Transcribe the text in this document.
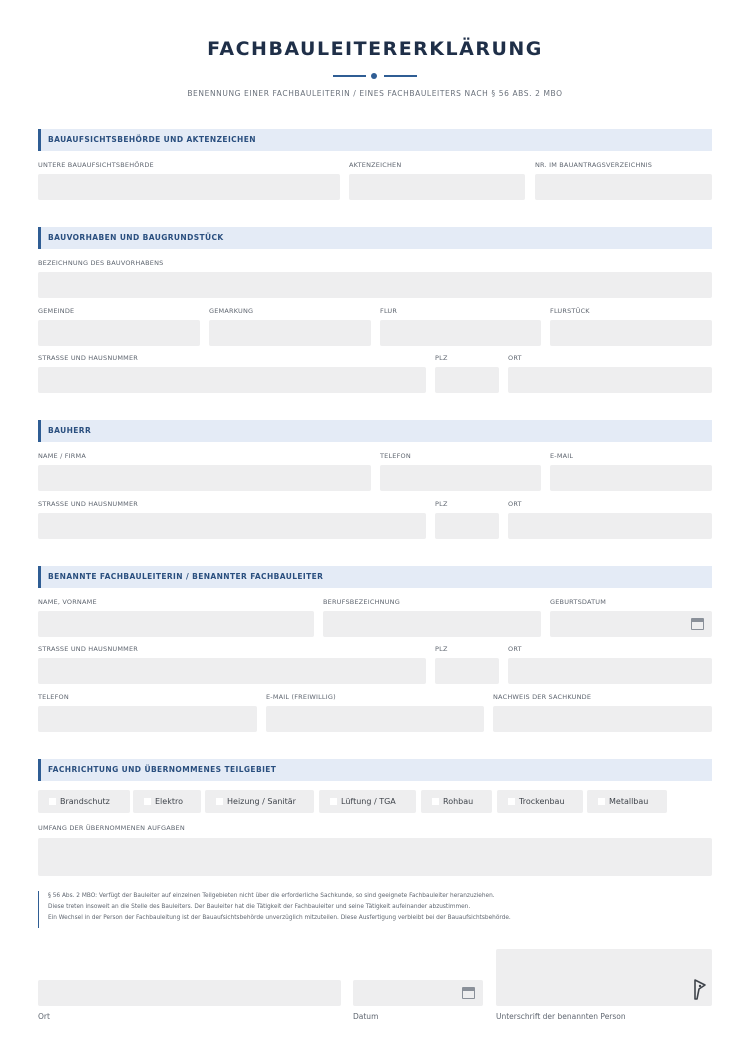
FACHBAULEITERERKLÄRUNG
BENENNUNG EINER FACHBAULEITERIN / EINES FACHBAULEITERS NACH § 56 ABS. 2 MBO
BAUAUFSICHTSBEHÖRDE UND AKTENZEICHEN
UNTERE BAUAUFSICHTSBEHÖRDE	AKTENZEICHEN	NR. IM BAUANTRAGSVERZEICHNIS
BAUVORHABEN UND BAUGRUNDSTÜCK
BEZEICHNUNG DES BAUVORHABENS
GEMEINDE	GEMARKUNG	FLUR	FLURSTÜCK
STRASSE UND HAUSNUMMER	PLZ	ORT
BAUHERR
NAME / FIRMA	TELEFON	E-MAIL
STRASSE UND HAUSNUMMER	PLZ	ORT
BENANNTE FACHBAULEITERIN / BENANNTER FACHBAULEITER
NAME, VORNAME	BERUFSBEZEICHNUNG	GEBURTSDATUM
STRASSE UND HAUSNUMMER	PLZ	ORT
TELEFON	E-MAIL (FREIWILLIG)	NACHWEIS DER SACHKUNDE
FACHRICHTUNG UND ÜBERNOMMENES TEILGEBIET
Brandschutz	Elektro	Heizung / Sanitär	Lüftung / TGA	Rohbau	Trockenbau	Metallbau
UMFANG DER ÜBERNOMMENEN AUFGABEN

§ 56 Abs. 2 MBO: Verfügt der Bauleiter auf einzelnen Teilgebieten nicht über die erforderliche Sachkunde, so sind geeignete Fachbauleiter heranzuziehen.

Diese treten insoweit an die Stelle des Bauleiters. Der Bauleiter hat die Tätigkeit der Fachbauleiter und seine Tätigkeit aufeinander abzustimmen.

Ein Wechsel in der Person der Fachbauleitung ist der Bauaufsichtsbehörde unverzüglich mitzuteilen. Diese Ausfertigung verbleibt bei der Bauaufsichtsbehörde.

Ort	Datum	Unterschrift der benannten Person
